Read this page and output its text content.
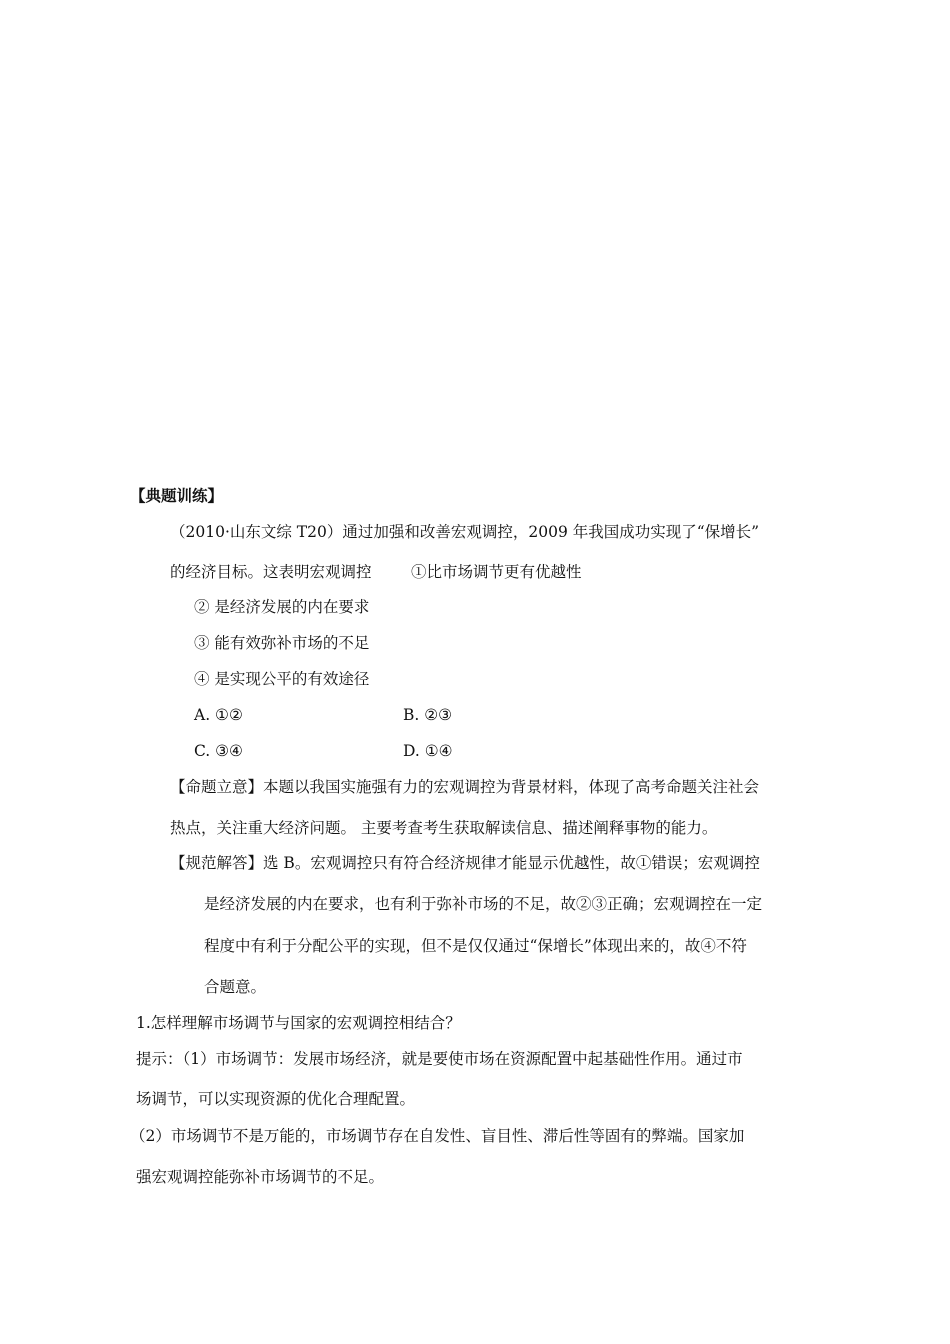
【典题训练】
（2010·山东文综 T20）通过加强和改善宏观调控，2009 年我国成功实现了“保增长”
的经济目标。这表明宏观调控	①比市场调节更有优越性
② 是经济发展的内在要求
③ 能有效弥补市场的不足
④ 是实现公平的有效途径
A. ①②	B. ②③
C. ③④	D. ①④
【命题立意】本题以我国实施强有力的宏观调控为背景材料，体现了高考命题关注社会
热点，关注重大经济问题。 主要考查考生获取解读信息、描述阐释事物的能力。
【规范解答】选 B。宏观调控只有符合经济规律才能显示优越性，故①错误；宏观调控
是经济发展的内在要求，也有利于弥补市场的不足，故②③正确；宏观调控在一定
程度中有利于分配公平的实现，但不是仅仅通过“保增长”体现出来的，故④不符
合题意。
1.怎样理解市场调节与国家的宏观调控相结合？
提示：（1）市场调节：发展市场经济，就是要使市场在资源配置中起基础性作用。通过市
场调节，可以实现资源的优化合理配置。
（2）市场调节不是万能的，市场调节存在自发性、盲目性、滞后性等固有的弊端。国家加
强宏观调控能弥补市场调节的不足。
